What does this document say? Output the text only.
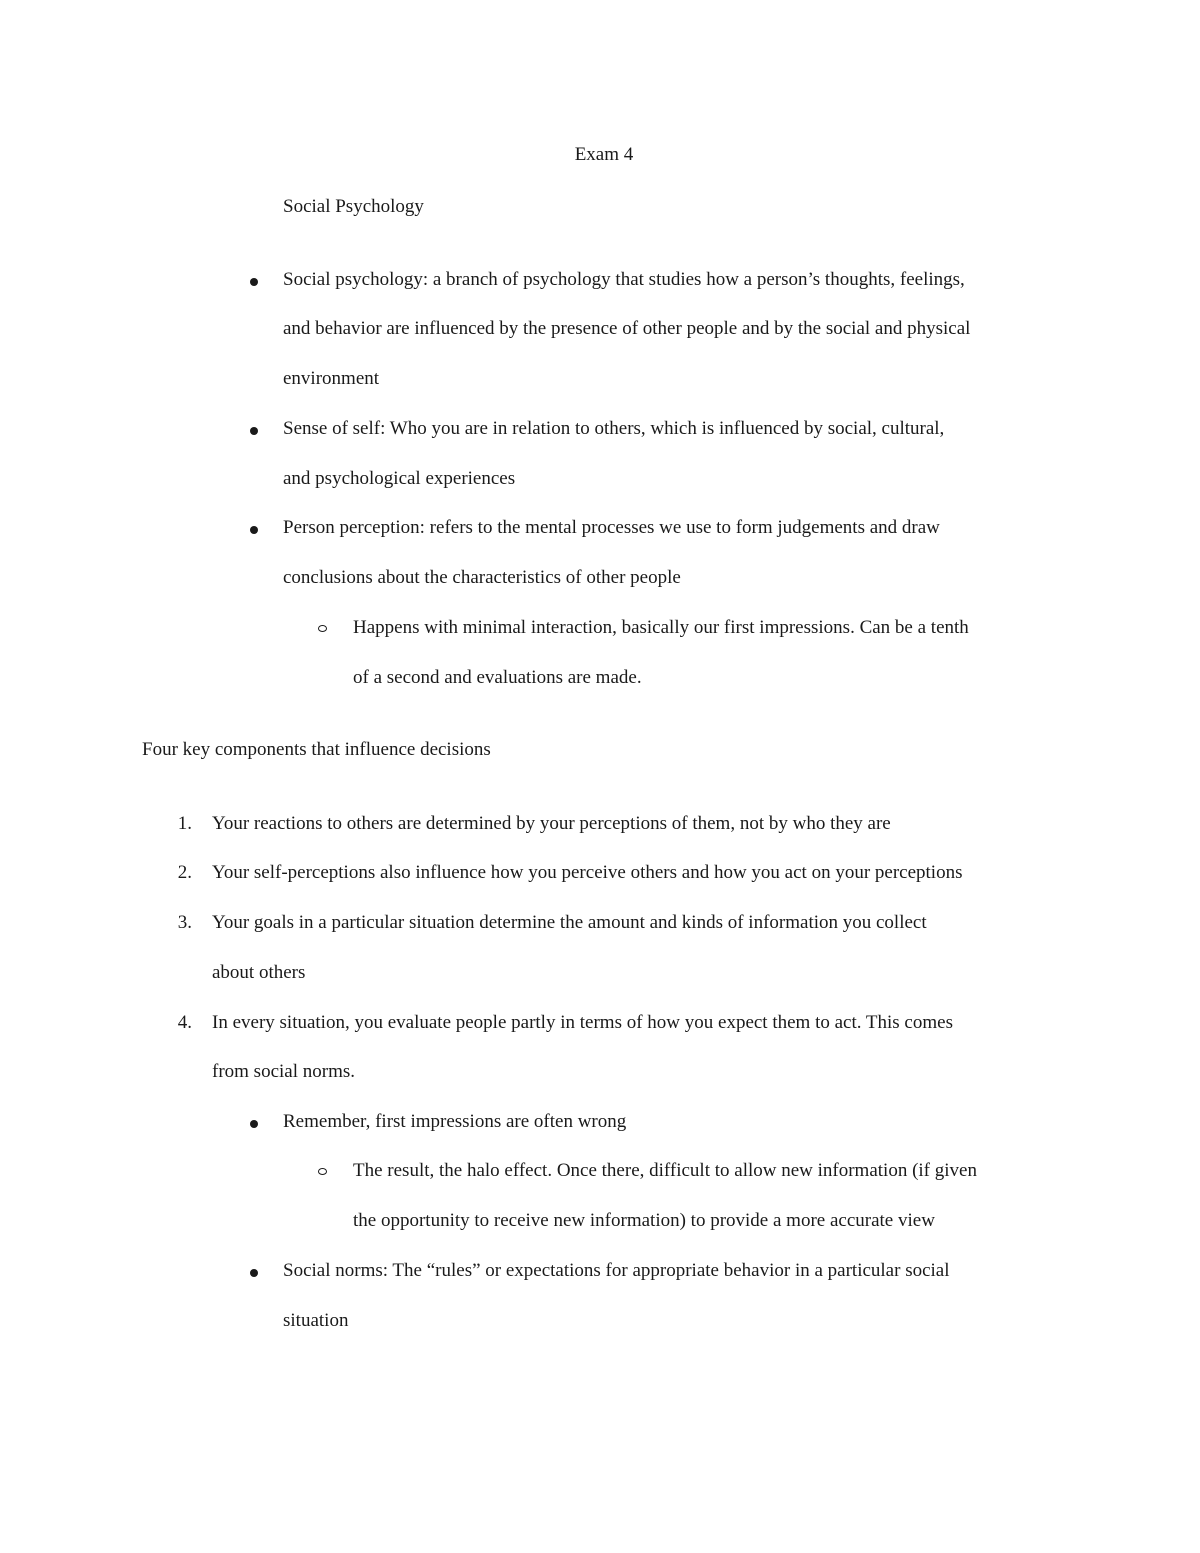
Exam 4
Social Psychology
Social psychology: a branch of psychology that studies how a person’s thoughts, feelings,
and behavior are influenced by the presence of other people and by the social and physical
environment
Sense of self: Who you are in relation to others, which is influenced by social, cultural,
and psychological experiences
Person perception: refers to the mental processes we use to form judgements and draw
conclusions about the characteristics of other people
Happens with minimal interaction, basically our first impressions. Can be a tenth
of a second and evaluations are made.
Four key components that influence decisions
1. Your reactions to others are determined by your perceptions of them, not by who they are
2. Your self-perceptions also influence how you perceive others and how you act on your perceptions
3. Your goals in a particular situation determine the amount and kinds of information you collect
about others
4. In every situation, you evaluate people partly in terms of how you expect them to act. This comes
from social norms.
Remember, first impressions are often wrong
The result, the halo effect. Once there, difficult to allow new information (if given
the opportunity to receive new information) to provide a more accurate view
Social norms: The “rules” or expectations for appropriate behavior in a particular social
situation
